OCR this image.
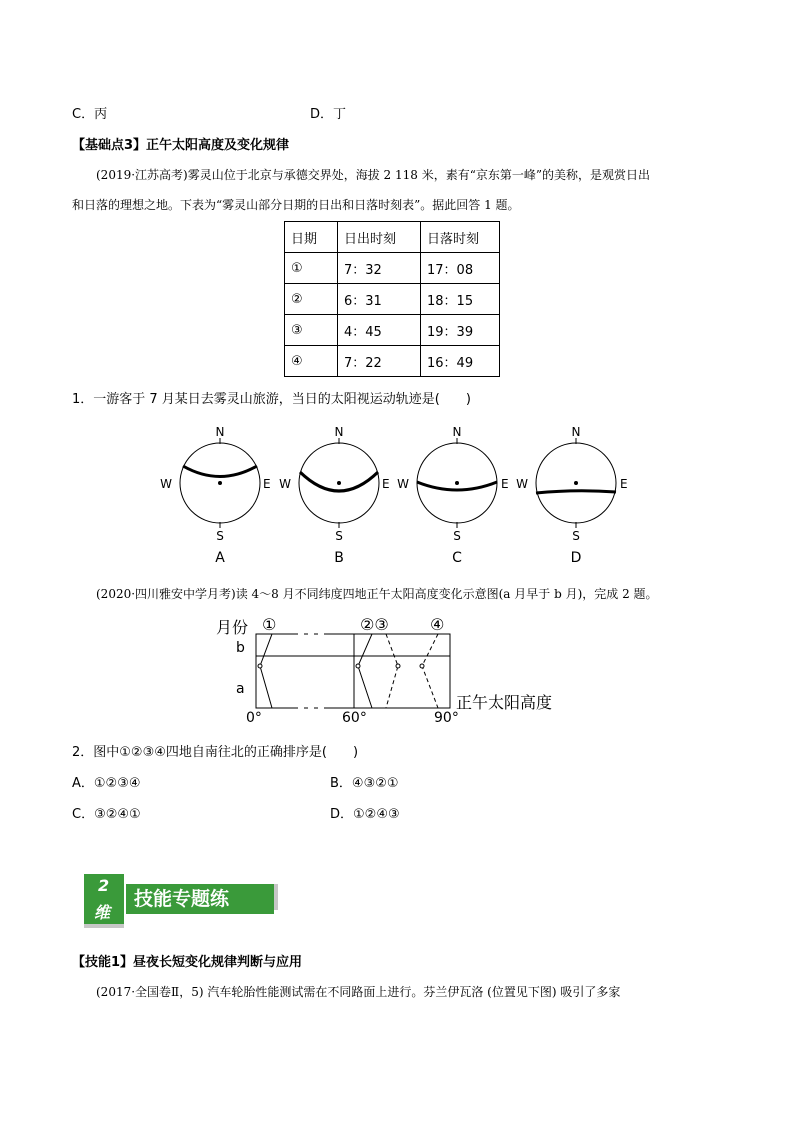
C．丙	D．丁
【基础点3】正午太阳高度及变化规律
(2019·江苏高考)雾灵山位于北京与承德交界处，海拔 2 118 米，素有“京东第一峰”的美称，是观赏日出
和日落的理想之地。下表为“雾灵山部分日期的日出和日落时刻表”。据此回答 1 题。
日期	日出时刻	日落时刻
①	7：32	17：08
②	6：31	18：15
③	4：45	19：39
④	7：22	16：49
1．一游客于 7 月某日去雾灵山旅游，当日的太阳视运动轨迹是(　　)
N
S
W	E
N
S
W	E
N
S
W	E
N
S
W	E
A	B	C	D
(2020·四川雅安中学月考)读 4～8 月不同纬度四地正午太阳高度变化示意图(a 月早于 b 月)，完成 2 题。
月份
b
a
①	②③	④
0°	60°	90°
正午太阳高度
2．图中①②③④四地自南往北的正确排序是(　　)
A．①②③④	B．④③②①
C．③②④①	D．①②④③
2
维
技能专题练
【技能1】昼夜长短变化规律判断与应用
(2017·全国卷Ⅱ，5) 汽车轮胎性能测试需在不同路面上进行。芬兰伊瓦洛 (位置见下图) 吸引了多家
